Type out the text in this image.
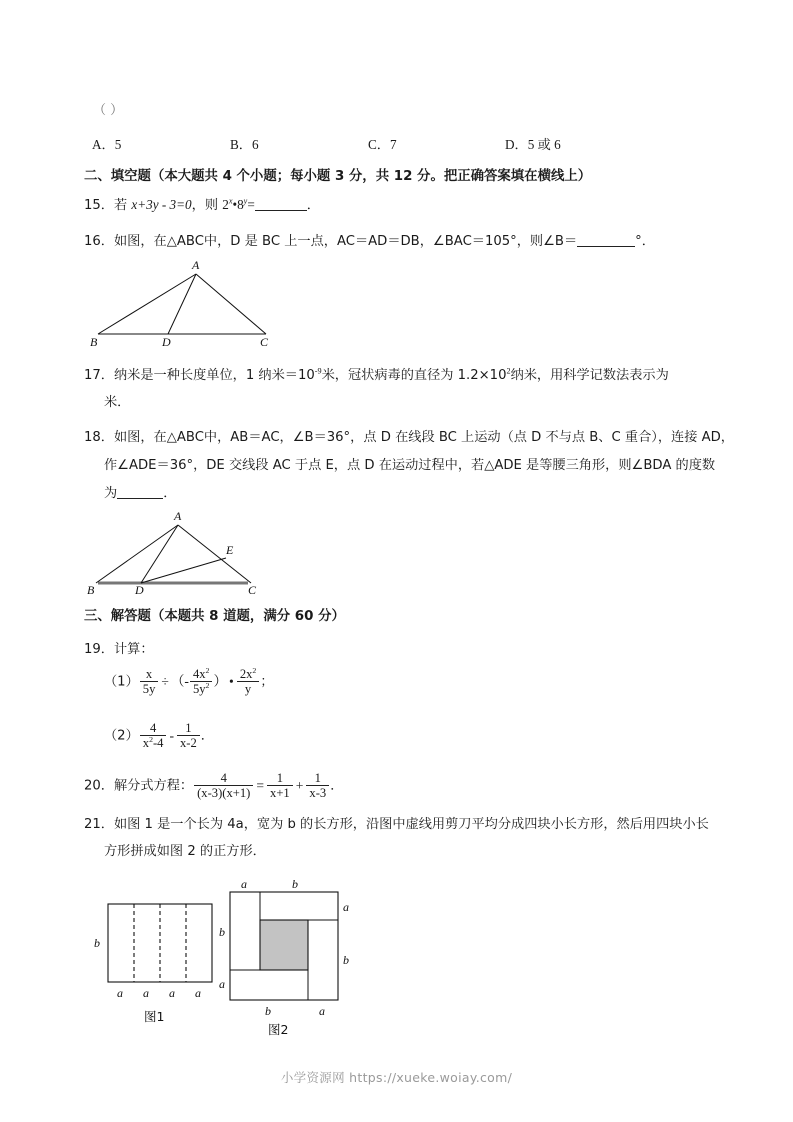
（ ）
A．5	B．6	C．7	D．5 或 6
二、填空题（本大题共 4 个小题；每小题 3 分，共 12 分。把正确答案填在横线上）
15．若 x+3y - 3=0，则 $2^x•8^y=$	．
16．如图，在△ABC中，D 是 BC 上一点，AC＝AD＝DB，∠BAC＝105°，则∠B＝	°．
A
B	D	C
17．纳米是一种长度单位，1 纳米$=10^{-9}$米，冠状病毒的直径为 $1.2\times 10^2$纳米，用科学记数法表示为
米．
18．如图，在△ABC中，AB＝AC，∠B＝36°，点 D 在线段 BC 上运动（点 D 不与点 B、C 重合），连接 AD，
作∠ADE＝36°，DE 交线段 AC 于点 E，点 D 在运动过程中，若△ADE 是等腰三角形，则∠BDA 的度数
为	．
A
B	D
E
C
三、解答题（本题共 8 道题，满分 60 分）
19．计算：
$(1) \frac{x}{5y}$ ÷ （- $\frac{4x^2}{5y^2}$ ） • $\frac{2x^2}{y}$ ；
$(2) \frac{4}{x^2-4} - \frac{1}{x-2}$ ．
20．解分式方程： $\frac{4}{(x-3)(x+1)} = \frac{1}{x+1} + \frac{1}{x-3}$ ．
21．如图 1 是一个长为 4a，宽为 b 的长方形，沿图中虚线用剪刀平均分成四块小长方形，然后用四块小长
方形拼成如图 2 的正方形．
b
a a a a
图1
a	b
a
b
b
a
b	a
图2
小学资源网 https://xueke.woiay.com/
